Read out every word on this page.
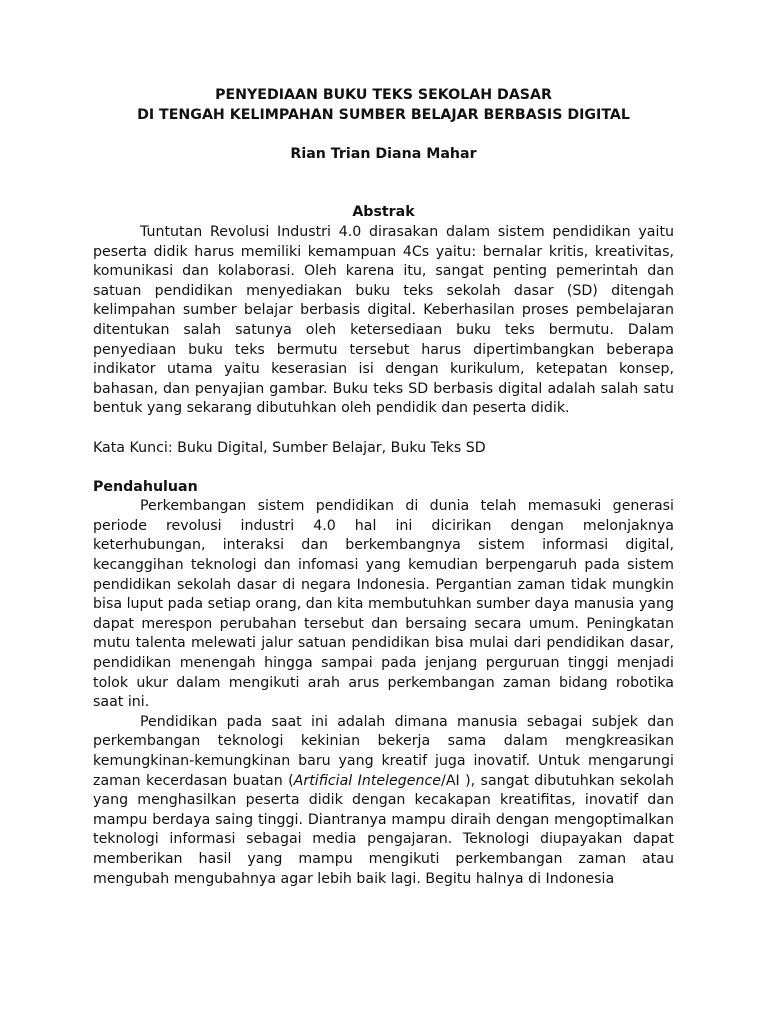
PENYEDIAAN BUKU TEKS SEKOLAH DASAR
DI TENGAH KELIMPAHAN SUMBER BELAJAR BERBASIS DIGITAL
Rian Trian Diana Mahar
Abstrak

Tuntutan Revolusi Industri 4.0 dirasakan dalam sistem pendidikan yaitu peserta didik harus memiliki kemampuan 4Cs yaitu: bernalar kritis, kreativitas, komunikasi dan kolaborasi. Oleh karena itu, sangat penting pemerintah dan satuan pendidikan menyediakan buku teks sekolah dasar (SD) ditengah kelimpahan sumber belajar berbasis digital. Keberhasilan proses pembelajaran ditentukan salah satunya oleh ketersediaan buku teks bermutu. Dalam penyediaan buku teks bermutu tersebut harus dipertimbangkan beberapa indikator utama yaitu keserasian isi dengan kurikulum, ketepatan konsep, bahasan, dan penyajian gambar. Buku teks SD berbasis digital adalah salah satu bentuk yang sekarang dibutuhkan oleh pendidik dan peserta didik.

Kata Kunci: Buku Digital, Sumber Belajar, Buku Teks SD
Pendahuluan

Perkembangan sistem pendidikan di dunia telah memasuki generasi periode revolusi industri 4.0 hal ini dicirikan dengan melonjaknya keterhubungan, interaksi dan berkembangnya sistem informasi digital, kecanggihan teknologi dan infomasi yang kemudian berpengaruh pada sistem pendidikan sekolah dasar di negara Indonesia. Pergantian zaman tidak mungkin bisa luput pada setiap orang, dan kita membutuhkan sumber daya manusia yang dapat merespon perubahan tersebut dan bersaing secara umum. Peningkatan mutu talenta melewati jalur satuan pendidikan bisa mulai dari pendidikan dasar, pendidikan menengah hingga sampai pada jenjang perguruan tinggi menjadi tolok ukur dalam mengikuti arah arus perkembangan zaman bidang robotika saat ini.

Pendidikan pada saat ini adalah dimana manusia sebagai subjek dan perkembangan teknologi kekinian bekerja sama dalam mengkreasikan kemungkinan-kemungkinan baru yang kreatif juga inovatif. Untuk mengarungi zaman kecerdasan buatan (Artificial Intelegence/AI ), sangat dibutuhkan sekolah yang menghasilkan peserta didik dengan kecakapan kreatifitas, inovatif dan mampu berdaya saing tinggi. Diantranya mampu diraih dengan mengoptimalkan teknologi informasi sebagai media pengajaran. Teknologi diupayakan dapat memberikan hasil yang mampu mengikuti perkembangan zaman atau mengubah mengubahnya agar lebih baik lagi. Begitu halnya di Indonesia
